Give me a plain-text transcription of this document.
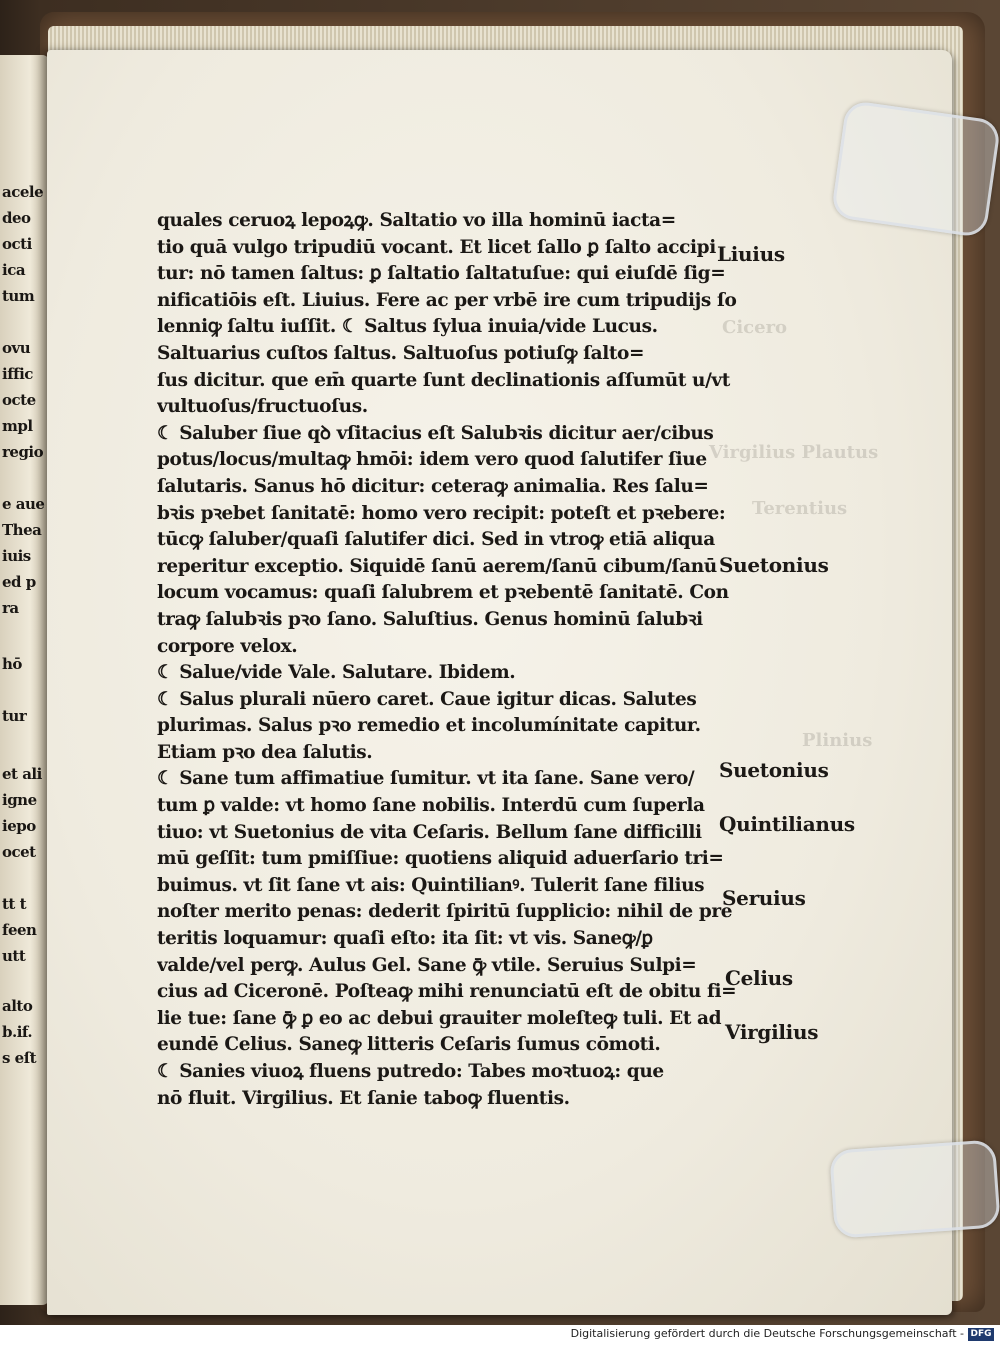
acele
deo
octi
ica
tum
ovu
iffic
octe
mpl
regio
e aue
Thea
iuis
ed p
ra
hō
tur
et ali
igne
iepo
ocet
tt t
feen
utt
alto
b.if.
s eſt
Cicero
Virgilius Plautus
Terentius
Plinius
quales ceruoꝝ lepoꝝꝙ. Saltatio vo illa hominū iacta=
tio quā vulgo tripudiū vocant. Et licet ſallo ꝑ ſalto accipi
tur: nō tamen ſaltus: ꝑ ſaltatio ſaltatuſue: qui eiuſdē ſig=
nificatiōis eſt. Liuius. Fere ac per vrbē ire cum tripudijs ſo
lenniꝙ ſaltu iuſſit. ☾ Saltus ſylua inuia/vide Lucus.
Saltuarius cuſtos ſaltus. Saltuoſus potiuſꝙ ſalto=
ſus dicitur. que em̄ quarte ſunt declinationis aſſumūt u/vt
vultuoſus/fructuoſus.
☾ Saluber ſiue qꝺ vſitacius eſt Salubꝛis dicitur aer/cibus
potus/locus/multaꝙ hmōi: idem vero quod ſalutifer ſiue
ſalutaris. Sanus hō dicitur: ceteraꝙ animalia. Res ſalu=
bꝛis pꝛebet ſanitatē: homo vero recipit: poteſt et pꝛebere:
tūcꝙ ſaluber/quaſi ſalutifer dici. Sed in vtroꝙ etiā aliqua
reperitur exceptio. Siquidē ſanū aerem/ſanū cibum/ſanū
locum vocamus: quaſi ſalubrem et pꝛebentē ſanitatē. Con
traꝙ ſalubꝛis pꝛo ſano. Saluſtius. Genus hominū ſalubꝛi
corpore velox.
☾ Salue/vide Vale. Salutare. Ibidem.
☾ Salus plurali nūero caret. Caue igitur dicas. Salutes
plurimas. Salus pꝛo remedio et incolumínitate capitur.
Etiam pꝛo dea ſalutis.
☾ Sane tum affimatiue ſumitur. vt ita ſane. Sane vero/
tum ꝑ valde: vt homo ſane nobilis. Interdū cum ſuperla
tiuo: vt Suetonius de vita Ceſaris. Bellum ſane difficilli
mū geſſit: tum pmiſſiue: quotiens aliquid aduerſario tri=
buimus. vt ſit ſane vt ais: Quintilianꝰ. Tulerit ſane filius
noſter merito penas: dederit ſpiritū ſupplicio: nihil de pre
teritis loquamur: quaſi eſto: ita ſit: vt vis. Saneꝙ/ꝑ
valde/vel perꝙ. Aulus Gel. Sane ꝙ̄ vtile. Seruius Sulpi=
cius ad Ciceronē. Poſteaꝙ mihi renunciatū eſt de obitu fi=
lie tue: ſane ꝙ̄ ꝑ eo ac debui grauiter moleſteꝙ tuli. Et ad
eundē Celius. Saneꝙ litteris Ceſaris ſumus cōmoti.
☾ Sanies viuoꝝ fluens putredo: Tabes moꝛtuoꝝ: que
nō fluit. Virgilius. Et ſanie taboꝙ fluentis.
Liuius
Suetonius
Suetonius
Quintilianus
Seruius
Celius
Virgilius
Digitalisierung gefördert durch die Deutsche Forschungsgemeinschaft - DFG
